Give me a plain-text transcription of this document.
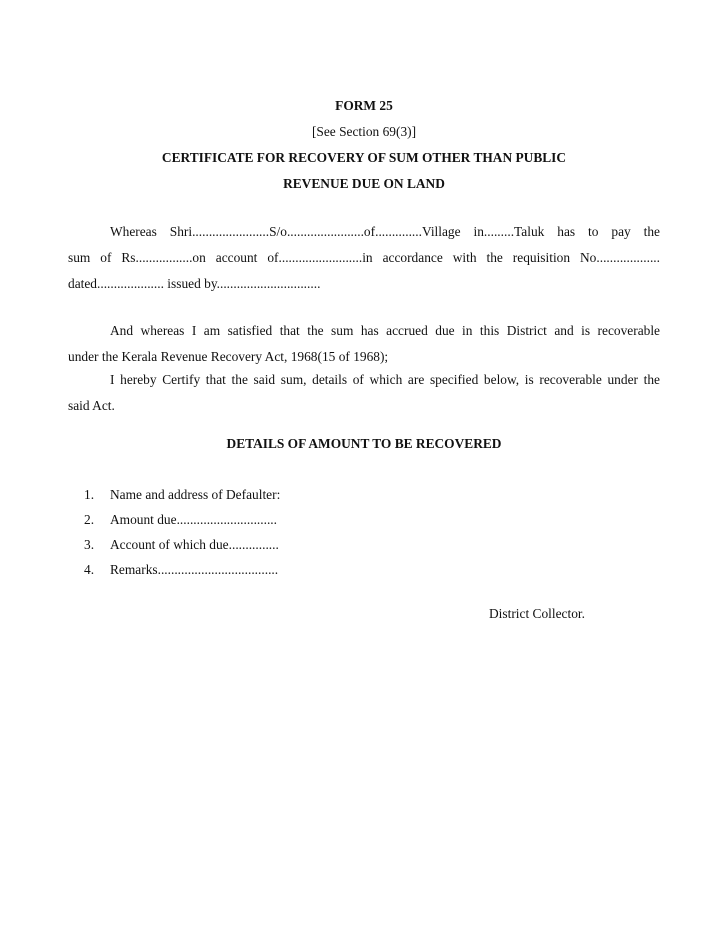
FORM 25
[See Section 69(3)]
CERTIFICATE FOR RECOVERY OF SUM OTHER THAN PUBLIC
REVENUE DUE ON LAND
Whereas Shri.......................S/o.......................of..............Village in.........Taluk has to pay the
sum of Rs.................on account of.........................in accordance with the requisition No...................
dated.................... issued by...............................
And whereas I am satisfied that the sum has accrued due in this District and is recoverable
under the Kerala Revenue Recovery Act, 1968(15 of 1968);
I hereby Certify that the said sum, details of which are specified below, is recoverable under the
said Act.
DETAILS OF AMOUNT TO BE RECOVERED
1. Name and address of Defaulter:
2. Amount due..............................
3. Account of which due...............
4. Remarks....................................
District Collector.
